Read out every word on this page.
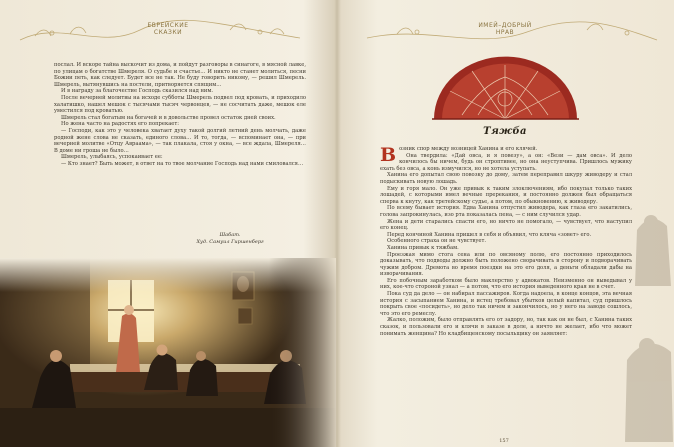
ЕВРЕЙСКИЕ
СКАЗКИ

послал. И вскоре тайна выскочит из дома, и пойдут разговоры в синагоге, в мясной лавке, по улицам о богатстве Шмереля. О судьбе и счастье… И никто не станет молиться, песни Божии петь, как следует. Будет все не так. Не буду говорить никому, — решил Шмерель. Шмерель, вытянувшись на постели, притворяется спящим…

И в награду за благочестие Господь сказился над ним.

После вечерней молитвы на исходе субботы Шмерель подвел под кровать, и приходило халатишко, нашел мешок с тысячами тысяч червонцев, — не сосчитать даже, мешок еле уместился под кроватью.

Шмерель стал богатым на богачей и в довольстве провел остаток дней своих.

Но жена часто на радостях его попрекает:

— Господи, как это у человека хватает духу такой долгий летний день молчать, даже родной жене слова не сказать, единого слова… И то, тогда, — вспоминает она, — при вечерней молитве «Отцу Авраама», — так плакала, стоя у окна, — все ждала, Шмереля… В доме ни гроша не было…

Шмерель, улыбаясь, успокаивает ее:

— Кто знает? Быть может, в ответ на то твое молчание Господь над нами смиловался…

Шабат.
Худ. Самуил Гиршенберг
ИМЕЙ–ДОБРЫЙ
НРАВ
Тяжба

Возник спор между возницей Ханина и его клячей.

Она твердила: «Дай овса, и я повезу», а он: «Вези — дам овса». И дело кончилось бы ничем, будь он строптивее, но она неуступчива. Пришлось мужику ехать без овса, а конь измучился, но не хотела уступать.

Ханина его допытал свою повозку до дому, затем переправил шкуру живодеру и стал подыскивать новую лошадь.

Ему и горя мало. Он уже привык к таким злоключениям, ибо покупал только таких лошадей, с которыми имел вечные пререкания, и постоянно должен был обращаться сперва к кнуту, как третейскому судье, а потом, по обыкновению, к живодеру.

По всему бывает история. Едва Ханина отпустил живодера, как глаза его закатились, голова запрокинулась, изо рта показалась пена, — с ним случился удар.

Жена и дети старались спасти его, но ничто не помогало, — чувствует, что наступил его конец.

Перед кончиной Ханина пришел в себя и объявил, что кляча «зовет» его.

Особенного страха он не чувствует.

Ханина привык к тяжбам.

Проезжая мимо стога сена или по овсяному полю, его постоянно приходилось доказывать, что подводы должно быть положено сворачивать в сторону и подворачивать чужим добром. Дремота во время поездки на это его доля, а деньги обладали дабы на изворачивания.

Его побочным заработком было маклерство у адвокатов. Неизменно он выведывал у них, кое-что стороной узнал — а потом, что его история выведенного края не в счет.

Пока суд да дело — он набирал пассажиров. Когда надоела, в конце концов, эта вечная история с засыпанием Ханина, и истец требовал убытков целый капитал, суд пришлось покрыть свое «посидеть», но дело так ничем и закончилось, но у него на заводе сошлось, что это его ремеслу.

Жалко, положим, было отправлять его от задору, но, так как он не был, с Ханина таких сказок, и пользовали его и клячи в заказе в доле, а ничто не желает, ибо что может понимать женщина? Но кладбищенскому посыльщику он заявляет:

157
